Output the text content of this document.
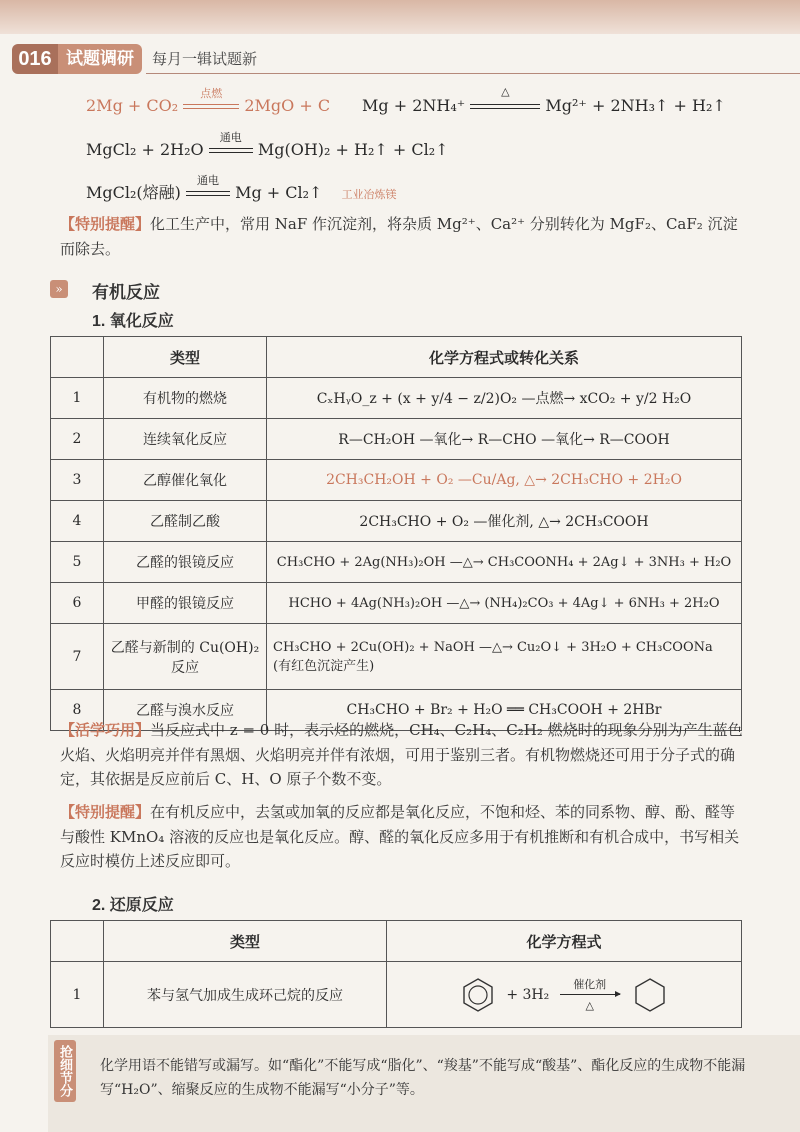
016 试题调研	每月一辑试题新
2Mg + CO₂
点燃
2MgO + C Mg + 2NH₄⁺
△
Mg²⁺ + 2NH₃↑ + H₂↑
MgCl₂ + 2H₂O
通电
Mg(OH)₂ + H₂↑ + Cl₂↑
MgCl₂(熔融)
通电
Mg + Cl₂↑ 工业冶炼镁
【特别提醒】化工生产中，常用 NaF 作沉淀剂，将杂质 Mg²⁺、Ca²⁺ 分别转化为 MgF₂、CaF₂ 沉淀而除去。
»	有机反应
1. 氧化反应
	类型	化学方程式或转化关系
1	有机物的燃烧	CₓHᵧO_z + (x + y/4 − z/2)O₂ —点燃→ xCO₂ + y/2 H₂O
2	连续氧化反应	R—CH₂OH —氧化→ R—CHO —氧化→ R—COOH
3	乙醇催化氧化	2CH₃CH₂OH + O₂ —Cu/Ag, △→ 2CH₃CHO + 2H₂O
4	乙醛制乙酸	2CH₃CHO + O₂ —催化剂, △→ 2CH₃COOH
5	乙醛的银镜反应	CH₃CHO + 2Ag(NH₃)₂OH —△→ CH₃COONH₄ + 2Ag↓ + 3NH₃ + H₂O
6	甲醛的银镜反应	HCHO + 4Ag(NH₃)₂OH —△→ (NH₄)₂CO₃ + 4Ag↓ + 6NH₃ + 2H₂O
7	乙醛与新制的 Cu(OH)₂ 反应	CH₃CHO + 2Cu(OH)₂ + NaOH —△→ Cu₂O↓ + 3H₂O + CH₃COONa
(有红色沉淀产生)

8	乙醛与溴水反应	CH₃CHO + Br₂ + H₂O ══ CH₃COOH + 2HBr
【活学巧用】当反应式中 z = 0 时，表示烃的燃烧，CH₄、C₂H₄、C₂H₂ 燃烧时的现象分别为产生蓝色火焰、火焰明亮并伴有黑烟、火焰明亮并伴有浓烟，可用于鉴别三者。有机物燃烧还可用于分子式的确定，其依据是反应前后 C、H、O 原子个数不变。
【特别提醒】在有机反应中，去氢或加氧的反应都是氧化反应，不饱和烃、苯的同系物、醇、酚、醛等与酸性 KMnO₄ 溶液的反应也是氧化反应。醇、醛的氧化反应多用于有机推断和有机合成中，书写相关反应时模仿上述反应即可。
2. 还原反应
	类型	化学方程式
1	苯与氢气加成生成环己烷的反应	+ 3H₂
催化剂
△

抢细节分 化学用语不能错写或漏写。如“酯化”不能写成“脂化”、“羧基”不能写成“酸基”、酯化反应的生成物不能漏写“H₂O”、缩聚反应的生成物不能漏写“小分子”等。
